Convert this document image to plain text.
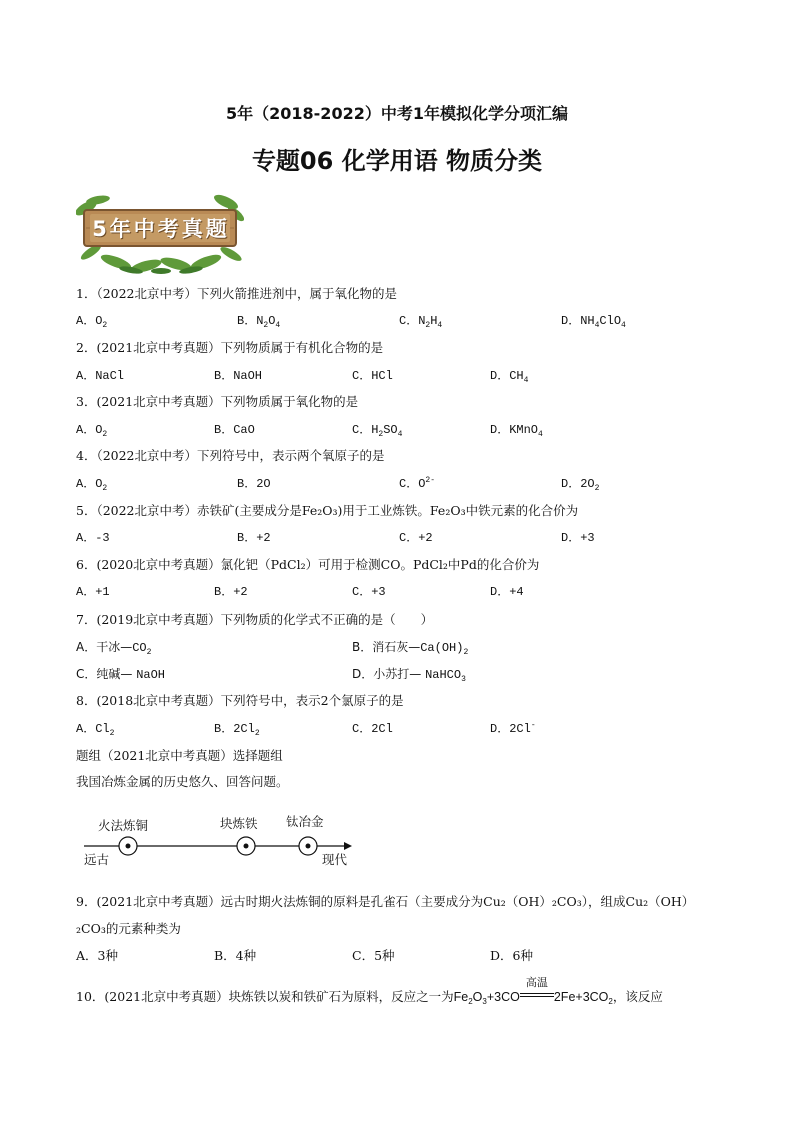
5年（2018-2022）中考1年模拟化学分项汇编
专题06 化学用语 物质分类
5年中考真题
1．（2022北京中考）下列火箭推进剂中，属于氧化物的是
A．$O_2$	B．$N_2O_4$	C．$N_2H_4$	D．$NH_4ClO_4$
2．(2021北京中考真题）下列物质属于有机化合物的是
A．NaCl	B．NaOH	C．HCl	D．$CH_4$
3．(2021北京中考真题）下列物质属于氧化物的是
A．$O_2$	B．CaO	C．$H_2SO_4$	D．KMnO$_4$
4．（2022北京中考）下列符号中，表示两个氧原子的是
A．$O_2$	B．2O	C．$O^{2-}$	D．$2O_2$
5．（2022北京中考）赤铁矿(主要成分是Fe₂O₃)用于工业炼铁。Fe₂O₃中铁元素的化合价为
A．-3	B．+2	C．+2	D．+3
6．(2020北京中考真题）氯化钯（PdCl₂）可用于检测CO。PdCl₂中Pd的化合价为
A．+1	B．+2	C．+3	D．+4
7．(2019北京中考真题）下列物质的化学式不正确的是（　　）
A．干冰$—CO_2$	B．消石灰$—Ca(OH)_2$
C．纯碱— NaOH	D．小苏打— NaHCO$_3$
8．(2018北京中考真题）下列符号中，表示2个氯原子的是
A．$Cl_2$	B．$2Cl_2$	C．2Cl	D．2Cl-
题组（2021北京中考真题）选择题组
我国冶炼金属的历史悠久、回答问题。
火法炼铜	块炼铁 钛冶金
远古	现代
9．(2021北京中考真题）远古时期火法炼铜的原料是孔雀石（主要成分为Cu₂（OH）₂CO₃），组成Cu₂（OH）
₂CO₃的元素种类为
A．3种	B．4种	C．5种	D．6种
10．(2021北京中考真题）块炼铁以炭和铁矿石为原料，反应之一为$Fe_2O_3+3CO$
高温
$2Fe+3CO_2$，该反应
